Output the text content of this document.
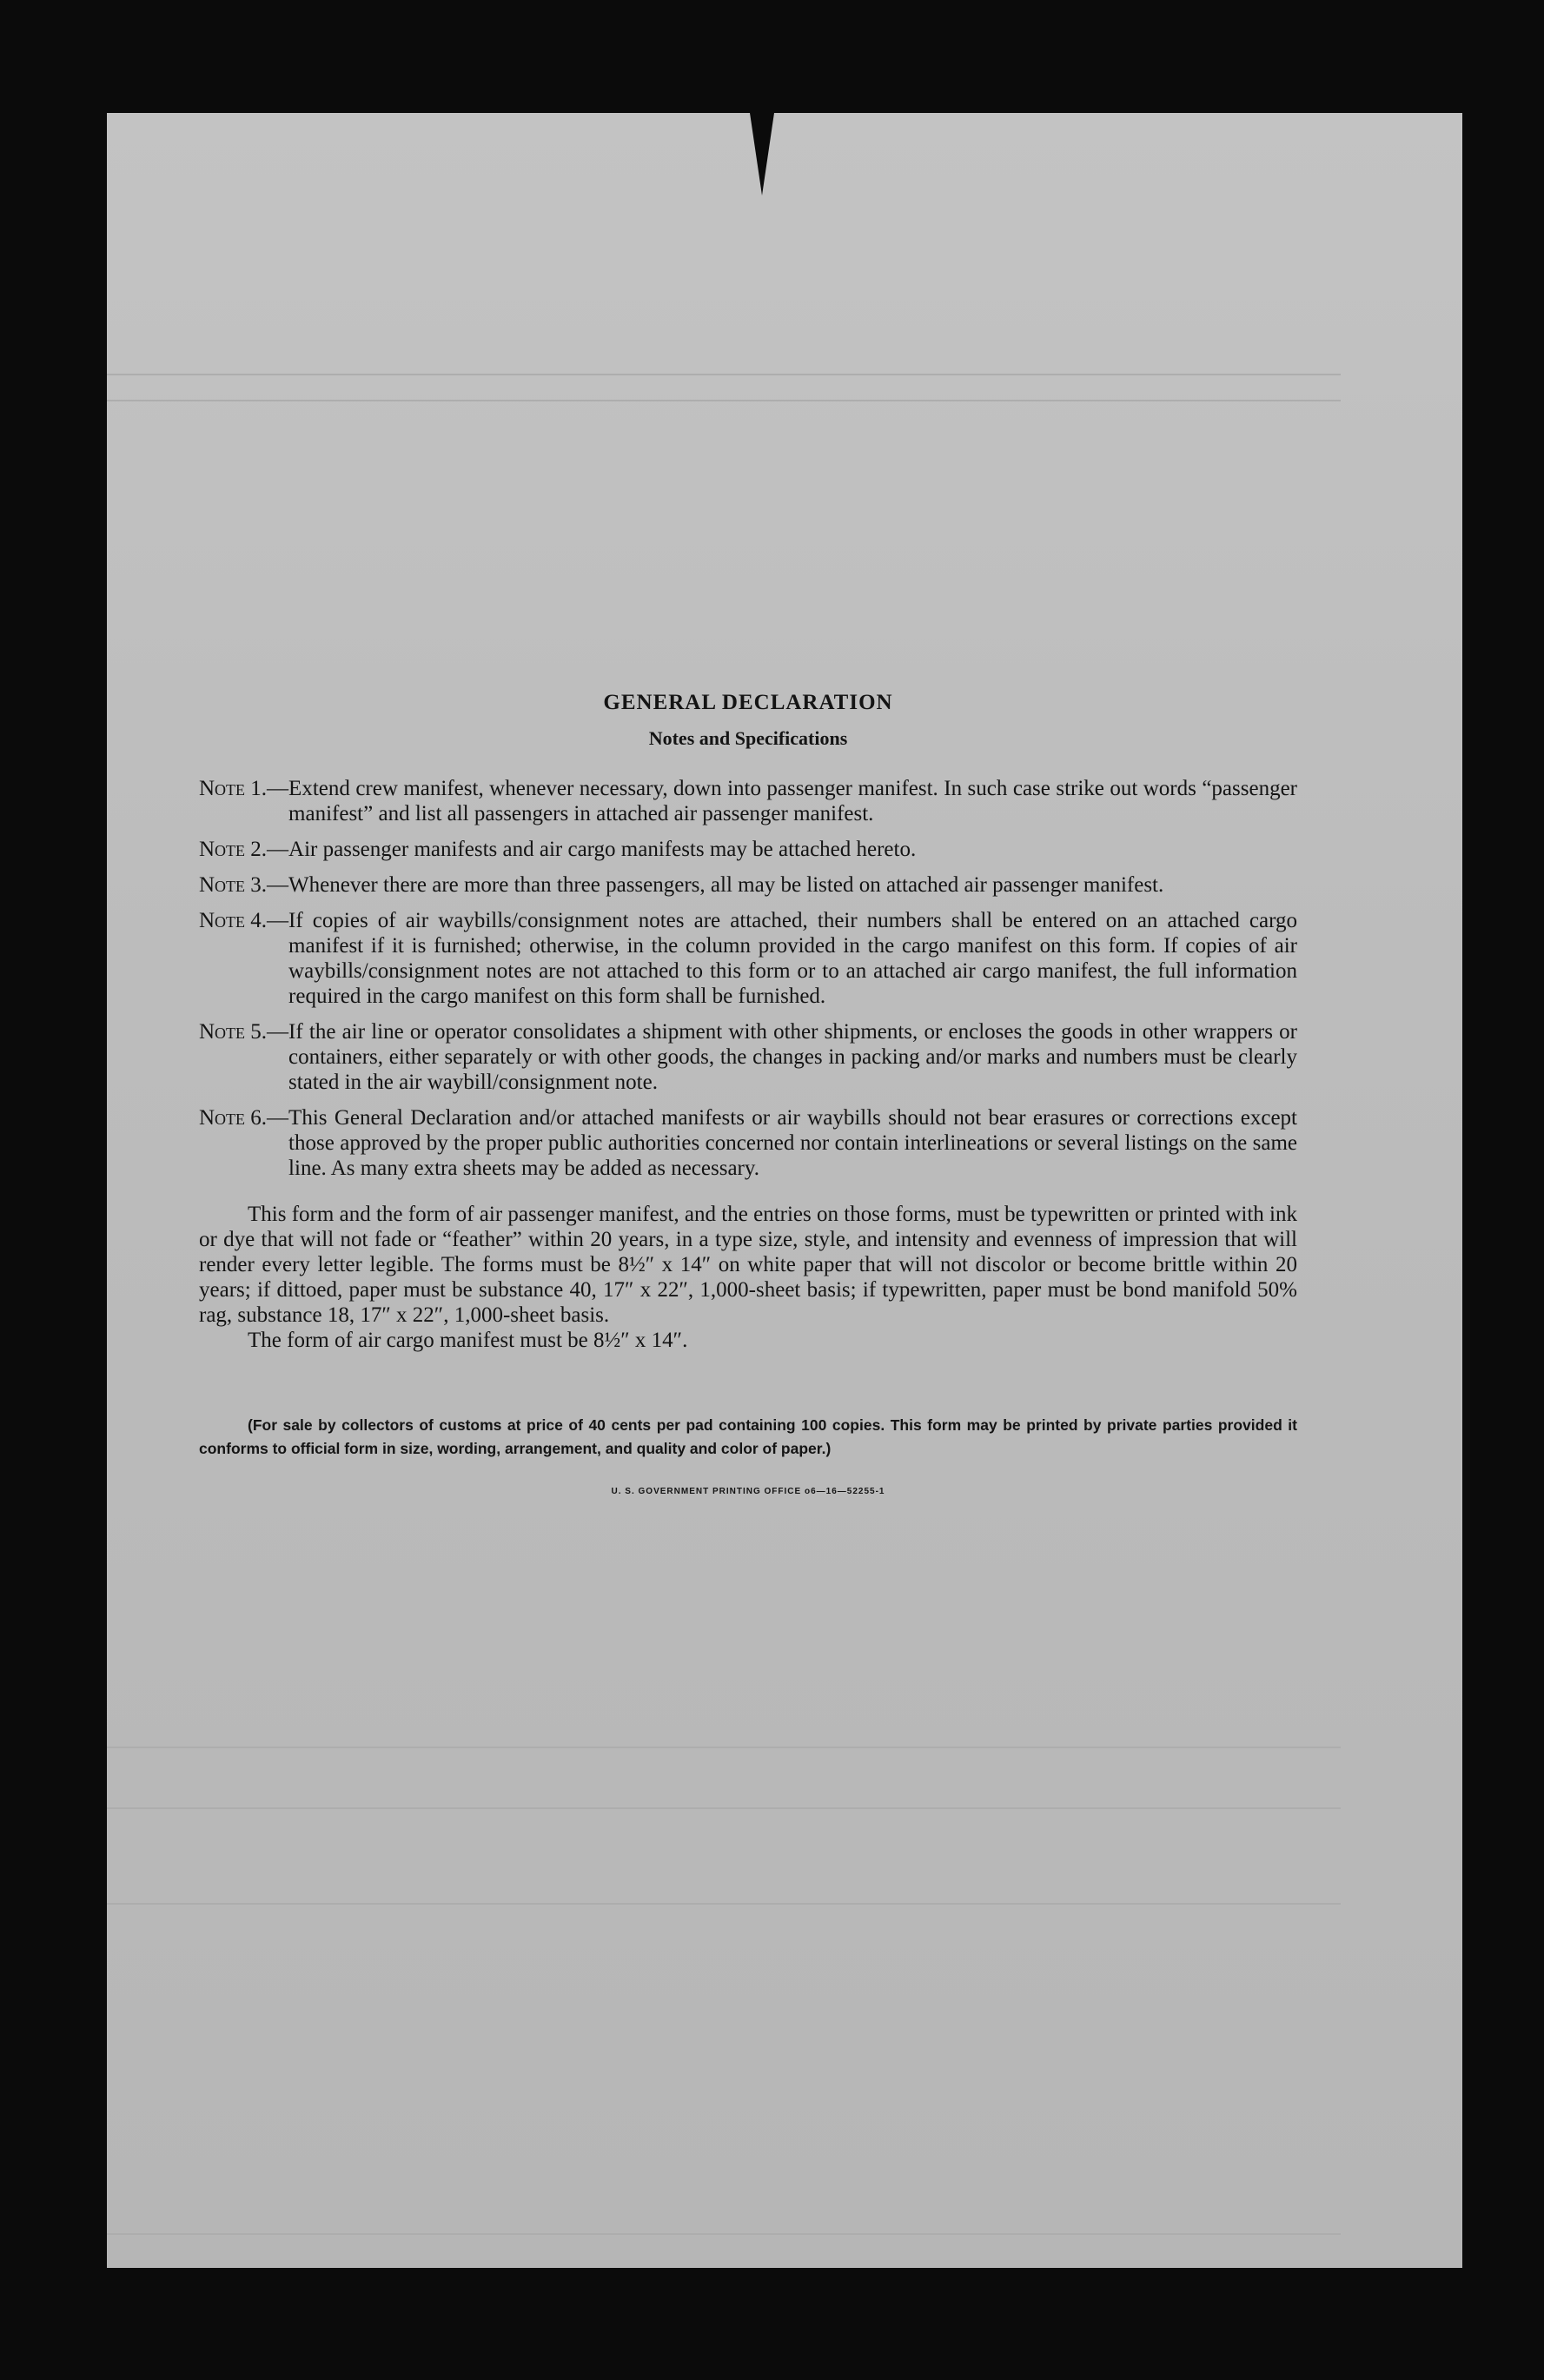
GENERAL DECLARATION
Notes and Specifications
Note 1. — Extend crew manifest, whenever necessary, down into passenger manifest. In such case strike out words “passenger manifest” and list all passengers in attached air passenger manifest.
Note 2. — Air passenger manifests and air cargo manifests may be attached hereto.
Note 3. — Whenever there are more than three passengers, all may be listed on attached air passenger manifest.
Note 4. — If copies of air waybills/consignment notes are attached, their numbers shall be entered on an attached cargo manifest if it is furnished; otherwise, in the column provided in the cargo manifest on this form. If copies of air waybills/consignment notes are not attached to this form or to an attached air cargo manifest, the full information required in the cargo manifest on this form shall be furnished.
Note 5. — If the air line or operator consolidates a shipment with other shipments, or encloses the goods in other wrappers or containers, either separately or with other goods, the changes in packing and/or marks and numbers must be clearly stated in the air waybill/consignment note.
Note 6. — This General Declaration and/or attached manifests or air waybills should not bear erasures or corrections except those approved by the proper public authorities concerned nor contain interlineations or several listings on the same line. As many extra sheets may be added as necessary.

This form and the form of air passenger manifest, and the entries on those forms, must be typewritten or printed with ink or dye that will not fade or “feather” within 20 years, in a type size, style, and intensity and evenness of impression that will render every letter legible. The forms must be 8½″ x 14″ on white paper that will not discolor or become brittle within 20 years; if dittoed, paper must be substance 40, 17″ x 22″, 1,000-sheet basis; if typewritten, paper must be bond manifold 50% rag, substance 18, 17″ x 22″, 1,000-sheet basis.

The form of air cargo manifest must be 8½″ x 14″.

(For sale by collectors of customs at price of 40 cents per pad containing 100 copies. This form may be printed by private parties provided it conforms to official form in size, wording, arrangement, and quality and color of paper.)

U. S. GOVERNMENT PRINTING OFFICE o6—16—52255-1
